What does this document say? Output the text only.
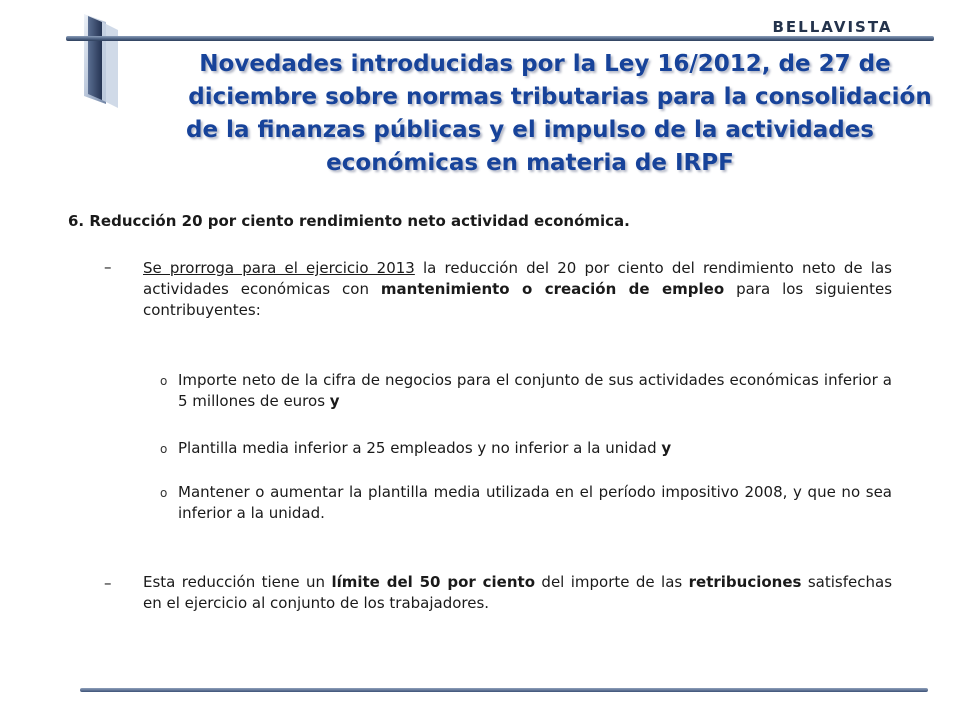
BELLAVISTA
Novedades introducidas por la Ley 16/2012, de 27 de
diciembre sobre normas tributarias para la consolidación
de la finanzas públicas y el impulso de la actividades
económicas en materia de IRPF
6. Reducción 20 por ciento rendimiento neto actividad económica.
– Se prorroga para el ejercicio 2013 la reducción del 20 por ciento del rendimiento neto de las actividades económicas con mantenimiento o creación de empleo para los siguientes contribuyentes:
o Importe neto de la cifra de negocios para el conjunto de sus actividades económicas inferior a 5 millones de euros y
o Plantilla media inferior a 25 empleados y no inferior a la unidad y
o Mantener o aumentar la plantilla media utilizada en el período impositivo 2008, y que no sea inferior a la unidad.
– Esta reducción tiene un límite del 50 por ciento del importe de las retribuciones satisfechas en el ejercicio al conjunto de los trabajadores.
